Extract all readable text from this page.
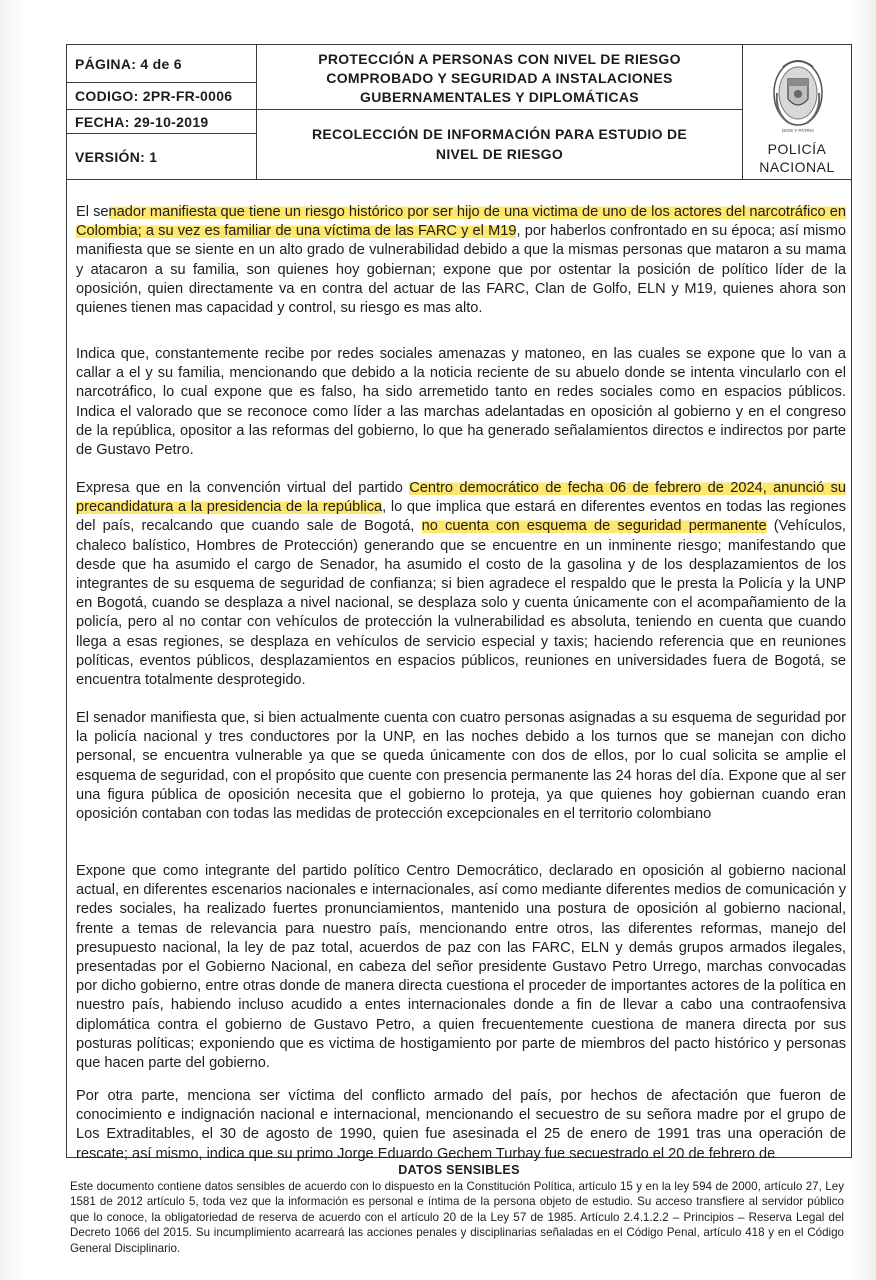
PÁGINA: 4 de 6
CODIGO: 2PR-FR-0006
FECHA: 29-10-2019
VERSIÓN: 1
PROTECCIÓN A PERSONAS CON NIVEL DE RIESGO
COMPROBADO Y SEGURIDAD A INSTALACIONES
GUBERNAMENTALES Y DIPLOMÁTICAS
RECOLECCIÓN DE INFORMACIÓN PARA ESTUDIO DE
NIVEL DE RIESGO
DIOS Y PATRIA
POLICÍA
NACIONAL

El senador manifiesta que tiene un riesgo histórico por ser hijo de una victima de uno de los actores del narcotráfico en Colombia; a su vez es familiar de una víctima de las FARC y el M19, por haberlos confrontado en su época; así mismo manifiesta que se siente en un alto grado de vulnerabilidad debido a que la mismas personas que mataron a su mama y atacaron a su familia, son quienes hoy gobiernan; expone que por ostentar la posición de político líder de la oposición, quien directamente va en contra del actuar de las FARC, Clan de Golfo, ELN y M19, quienes ahora son quienes tienen mas capacidad y control, su riesgo es mas alto.

Indica que, constantemente recibe por redes sociales amenazas y matoneo, en las cuales se expone que lo van a callar a el y su familia, mencionando que debido a la noticia reciente de su abuelo donde se intenta vincularlo con el narcotráfico, lo cual expone que es falso, ha sido arremetido tanto en redes sociales como en espacios públicos. Indica el valorado que se reconoce como líder a las marchas adelantadas en oposición al gobierno y en el congreso de la república, opositor a las reformas del gobierno, lo que ha generado señalamientos directos e indirectos por parte de Gustavo Petro.

Expresa que en la convención virtual del partido Centro democrático de fecha 06 de febrero de 2024, anunció su precandidatura a la presidencia de la república, lo que implica que estará en diferentes eventos en todas las regiones del país, recalcando que cuando sale de Bogotá, no cuenta con esquema de seguridad permanente (Vehículos, chaleco balístico, Hombres de Protección) generando que se encuentre en un inminente riesgo; manifestando que desde que ha asumido el cargo de Senador, ha asumido el costo de la gasolina y de los desplazamientos de los integrantes de su esquema de seguridad de confianza; si bien agradece el respaldo que le presta la Policía y la UNP en Bogotá, cuando se desplaza a nivel nacional, se desplaza solo y cuenta únicamente con el acompañamiento de la policía, pero al no contar con vehículos de protección la vulnerabilidad es absoluta, teniendo en cuenta que cuando llega a esas regiones, se desplaza en vehículos de servicio especial y taxis; haciendo referencia que en reuniones políticas, eventos públicos, desplazamientos en espacios públicos, reuniones en universidades fuera de Bogotá, se encuentra totalmente desprotegido.

El senador manifiesta que, si bien actualmente cuenta con cuatro personas asignadas a su esquema de seguridad por la policía nacional y tres conductores por la UNP, en las noches debido a los turnos que se manejan con dicho personal, se encuentra vulnerable ya que se queda únicamente con dos de ellos, por lo cual solicita se amplie el esquema de seguridad, con el propósito que cuente con presencia permanente las 24 horas del día. Expone que al ser una figura pública de oposición necesita que el gobierno lo proteja, ya que quienes hoy gobiernan cuando eran oposición contaban con todas las medidas de protección excepcionales en el territorio colombiano

Expone que como integrante del partido político Centro Democrático, declarado en oposición al gobierno nacional actual, en diferentes escenarios nacionales e internacionales, así como mediante diferentes medios de comunicación y redes sociales, ha realizado fuertes pronunciamientos, mantenido una postura de oposición al gobierno nacional, frente a temas de relevancia para nuestro país, mencionando entre otros, las diferentes reformas, manejo del presupuesto nacional, la ley de paz total, acuerdos de paz con las FARC, ELN y demás grupos armados ilegales, presentadas por el Gobierno Nacional, en cabeza del señor presidente Gustavo Petro Urrego, marchas convocadas por dicho gobierno, entre otras donde de manera directa cuestiona el proceder de importantes actores de la política en nuestro país, habiendo incluso acudido a entes internacionales donde a fin de llevar a cabo una contraofensiva diplomática contra el gobierno de Gustavo Petro, a quien frecuentemente cuestiona de manera directa por sus posturas políticas; exponiendo que es victima de hostigamiento por parte de miembros del pacto histórico y personas que hacen parte del gobierno.

Por otra parte, menciona ser víctima del conflicto armado del país, por hechos de afectación que fueron de conocimiento e indignación nacional e internacional, mencionando el secuestro de su señora madre por el grupo de Los Extraditables, el 30 de agosto de 1990, quien fue asesinada el 25 de enero de 1991 tras una operación de rescate; así mismo, indica que su primo Jorge Eduardo Gechem Turbay fue secuestrado el 20 de febrero de

DATOS SENSIBLES

Este documento contiene datos sensibles de acuerdo con lo dispuesto en la Constitución Política, artículo 15 y en la ley 594 de 2000, artículo 27, Ley 1581 de 2012 artículo 5, toda vez que la información es personal e íntima de la persona objeto de estudio. Su acceso transfiere al servidor público que lo conoce, la obligatoriedad de reserva de acuerdo con el artículo 20 de la Ley 57 de 1985. Artículo 2.4.1.2.2 – Principios – Reserva Legal del Decreto 1066 del 2015. Su incumplimiento acarreará las acciones penales y disciplinarias señaladas en el Código Penal, artículo 418 y en el Código General Disciplinario.
